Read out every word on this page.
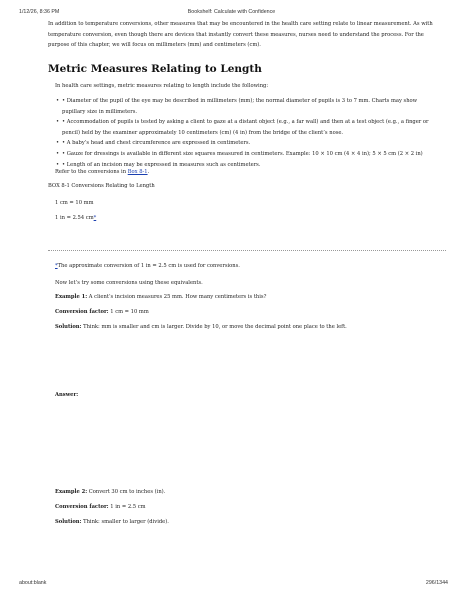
1/12/26, 8:36 PM	Bookshelf: Calculate with Confidence
In addition to temperature conversions, other measures that may be encountered in the health care setting relate to linear measurement. As with temperature conversion, even though there are devices that instantly convert these measures, nurses need to understand the process. For the purpose of this chapter, we will focus on millimeters (mm) and centimeters (cm).
Metric Measures Relating to Length
In health care settings, metric measures relating to length include the following:
• • Diameter of the pupil of the eye may be described in millimeters (mm); the normal diameter of pupils is 3 to 7 mm. Charts may show pupillary size in millimeters.
• • Accommodation of pupils is tested by asking a client to gaze at a distant object (e.g., a far wall) and then at a test object (e.g., a finger or pencil) held by the examiner approximately 10 centimeters (cm) (4 in) from the bridge of the client’s nose.
• • A baby’s head and chest circumference are expressed in centimeters.
• • Gauze for dressings is available in different size squares measured in centimeters. Example: 10 × 10 cm (4 × 4 in); 5 × 5 cm (2 × 2 in)
• • Length of an incision may be expressed in measures such as centimeters.
Refer to the conversions in Box 8-1.
BOX 8-1 Conversions Relating to Length
1 cm = 10 mm
1 in = 2.54 cm*
*The approximate conversion of 1 in = 2.5 cm is used for conversions.
Now let’s try some conversions using these equivalents.
Example 1: A client’s incision measures 25 mm. How many centimeters is this?
Conversion factor: 1 cm = 10 mm
Solution: Think: mm is smaller and cm is larger. Divide by 10, or move the decimal point one place to the left.
Answer:
Example 2: Convert 30 cm to inches (in).
Conversion factor: 1 in = 2.5 cm
Solution: Think: smaller to larger (divide).
about:blank	296/1344
